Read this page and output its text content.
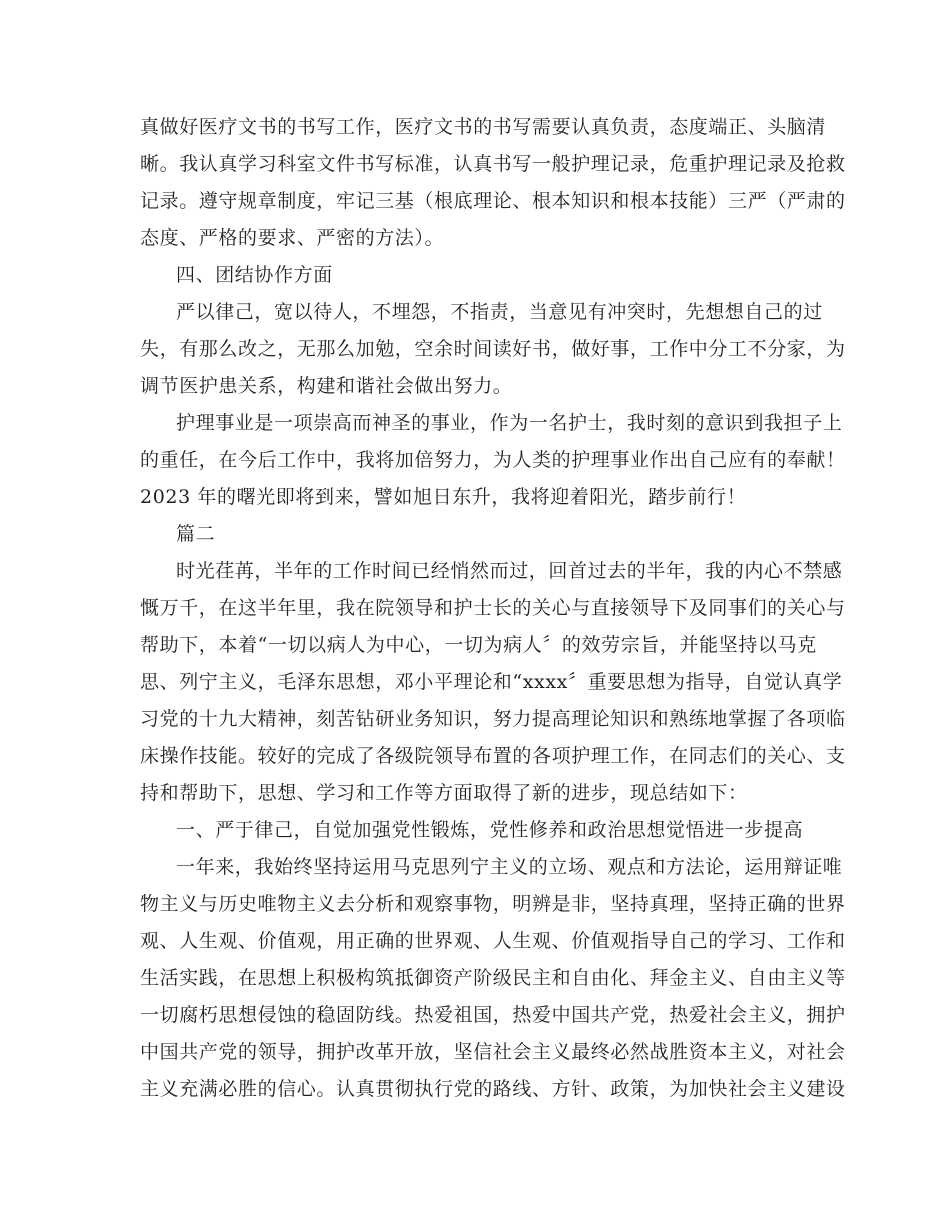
真做好医疗文书的书写工作，医疗文书的书写需要认真负责，态度端正、头脑清
晰。我认真学习科室文件书写标准，认真书写一般护理记录，危重护理记录及抢救
记录。遵守规章制度，牢记三基（根底理论、根本知识和根本技能）三严（严肃的
态度、严格的要求、严密的方法）。
四、团结协作方面
严以律己，宽以待人，不埋怨，不指责，当意见有冲突时，先想想自己的过
失，有那么改之，无那么加勉，空余时间读好书，做好事，工作中分工不分家，为
调节医护患关系，构建和谐社会做出努力。
护理事业是一项崇高而神圣的事业，作为一名护士，我时刻的意识到我担子上
的重任，在今后工作中，我将加倍努力，为人类的护理事业作出自己应有的奉献！
2023 年的曙光即将到来，譬如旭日东升，我将迎着阳光，踏步前行！
篇二
时光荏苒，半年的工作时间已经悄然而过，回首过去的半年，我的内心不禁感
慨万千，在这半年里，我在院领导和护士长的关心与直接领导下及同事们的关心与
帮助下，本着“一切以病人为中心，一切为病人〞的效劳宗旨，并能坚持以马克
思、列宁主义，毛泽东思想，邓小平理论和“xxxx〞重要思想为指导，自觉认真学
习党的十九大精神，刻苦钻研业务知识，努力提高理论知识和熟练地掌握了各项临
床操作技能。较好的完成了各级院领导布置的各项护理工作，在同志们的关心、支
持和帮助下，思想、学习和工作等方面取得了新的进步，现总结如下：
一、严于律己，自觉加强党性锻炼，党性修养和政治思想觉悟进一步提高
一年来，我始终坚持运用马克思列宁主义的立场、观点和方法论，运用辩证唯
物主义与历史唯物主义去分析和观察事物，明辨是非，坚持真理，坚持正确的世界
观、人生观、价值观，用正确的世界观、人生观、价值观指导自己的学习、工作和
生活实践，在思想上积极构筑抵御资产阶级民主和自由化、拜金主义、自由主义等
一切腐朽思想侵蚀的稳固防线。热爱祖国，热爱中国共产党，热爱社会主义，拥护
中国共产党的领导，拥护改革开放，坚信社会主义最终必然战胜资本主义，对社会
主义充满必胜的信心。认真贯彻执行党的路线、方针、政策，为加快社会主义建设
